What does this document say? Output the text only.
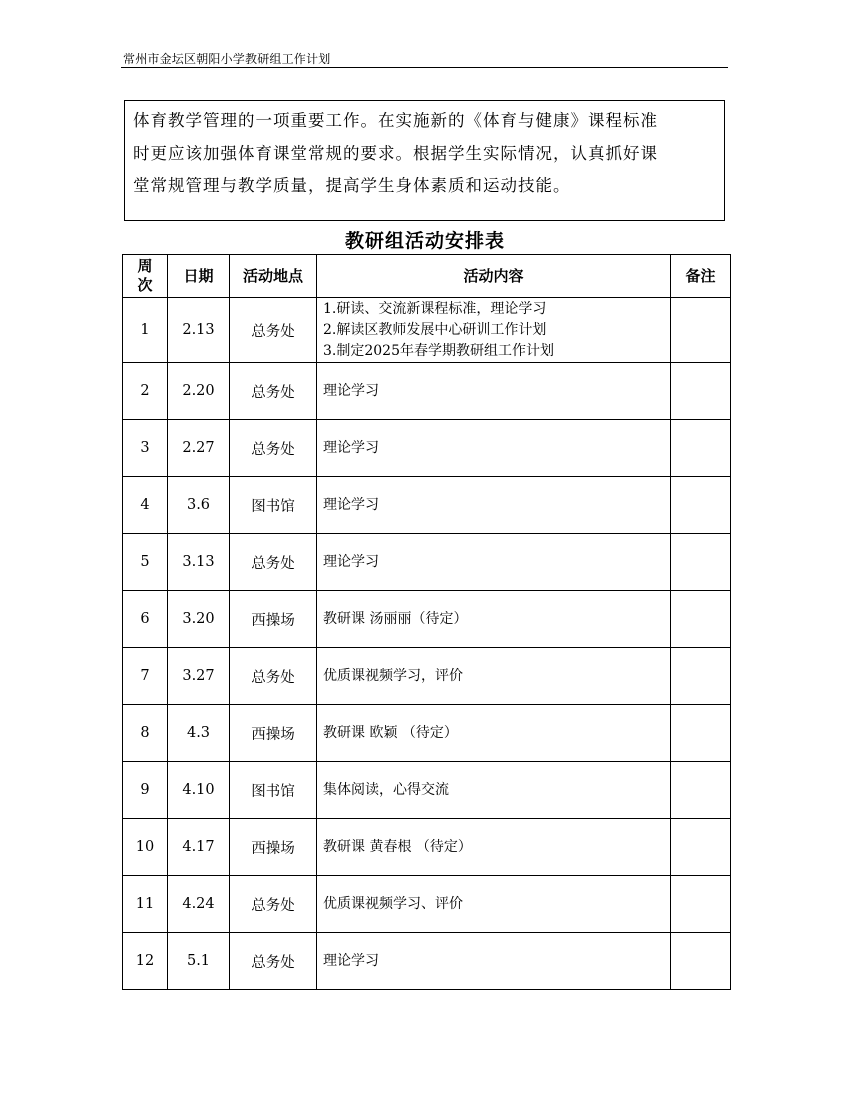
常州市金坛区朝阳小学教研组工作计划

体育教学管理的一项重要工作。在实施新的《体育与健康》课程标准

时更应该加强体育课堂常规的要求。根据学生实际情况，认真抓好课

堂常规管理与教学质量，提高学生身体素质和运动技能。

教研组活动安排表
周
次	日期	活动地点	活动内容	备注
1	2.13	总务处	1.研读、交流新课程标准，理论学习
2.解读区教师发展中心研训工作计划
3.制定2025年春学期教研组工作计划	

2	2.20	总务处	理论学习	

3	2.27	总务处	理论学习	

4	3.6	图书馆	理论学习	

5	3.13	总务处	理论学习	

6	3.20	西操场	教研课 汤丽丽（待定）	

7	3.27	总务处	优质课视频学习，评价	

8	4.3	西操场	教研课 欧颖 （待定）	

9	4.10	图书馆	集体阅读，心得交流	

10	4.17	西操场	教研课 黄春根 （待定）	

11	4.24	总务处	优质课视频学习、评价	

12	5.1	总务处	理论学习	
